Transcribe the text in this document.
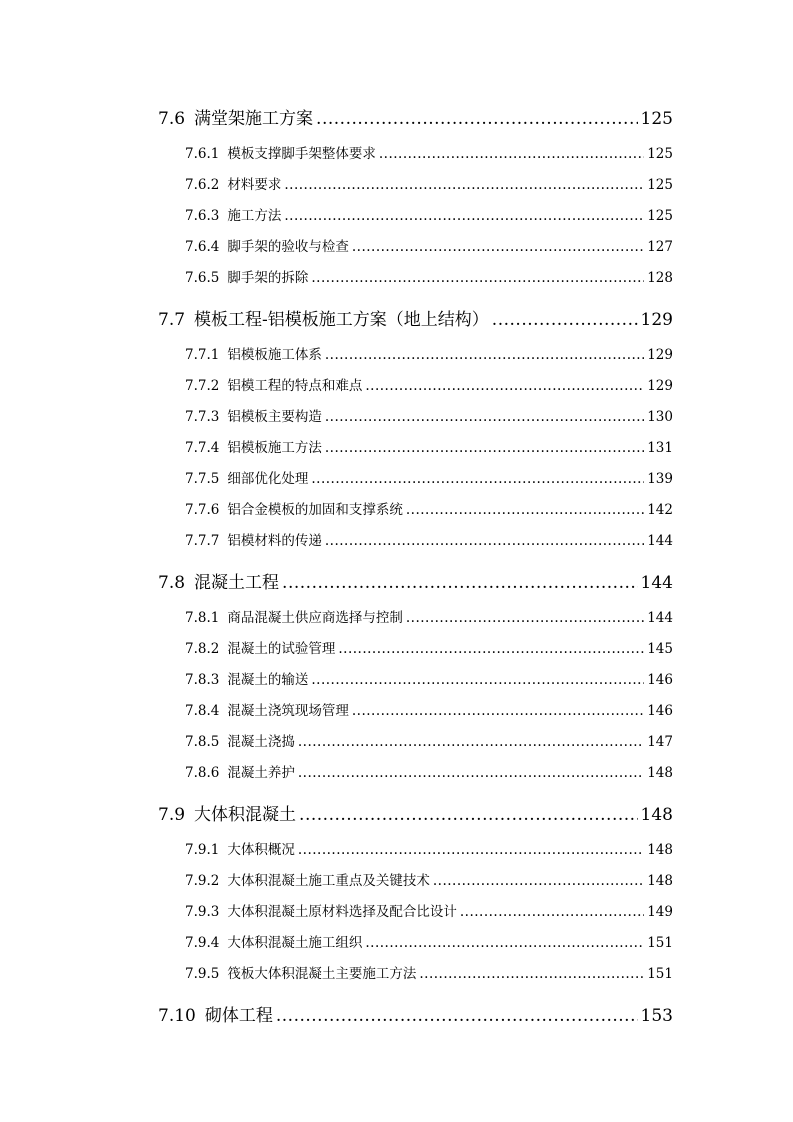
7.6 满堂架施工方案 .....	125
7.6.1 模板支撑脚手架整体要求 .....	125
7.6.2 材料要求 .....	125
7.6.3 施工方法 .....	125
7.6.4 脚手架的验收与检查 .....	127
7.6.5 脚手架的拆除 .....	128
7.7 模板工程-铝模板施工方案（地上结构） .....	129
7.7.1 铝模板施工体系 .....	129
7.7.2 铝模工程的特点和难点 .....	129
7.7.3 铝模板主要构造 .....	130
7.7.4 铝模板施工方法 .....	131
7.7.5 细部优化处理 .....	139
7.7.6 铝合金模板的加固和支撑系统 .....	142
7.7.7 铝模材料的传递 .....	144
7.8 混凝土工程 .....	144
7.8.1 商品混凝土供应商选择与控制 .....	144
7.8.2 混凝土的试验管理 .....	145
7.8.3 混凝土的输送 .....	146
7.8.4 混凝土浇筑现场管理 .....	146
7.8.5 混凝土浇捣 .....	147
7.8.6 混凝土养护 .....	148
7.9 大体积混凝土 .....	148
7.9.1 大体积概况 .....	148
7.9.2 大体积混凝土施工重点及关键技术 .....	148
7.9.3 大体积混凝土原材料选择及配合比设计 .....	149
7.9.4 大体积混凝土施工组织 .....	151
7.9.5 筏板大体积混凝土主要施工方法 .....	151
7.10 砌体工程 .....	153
